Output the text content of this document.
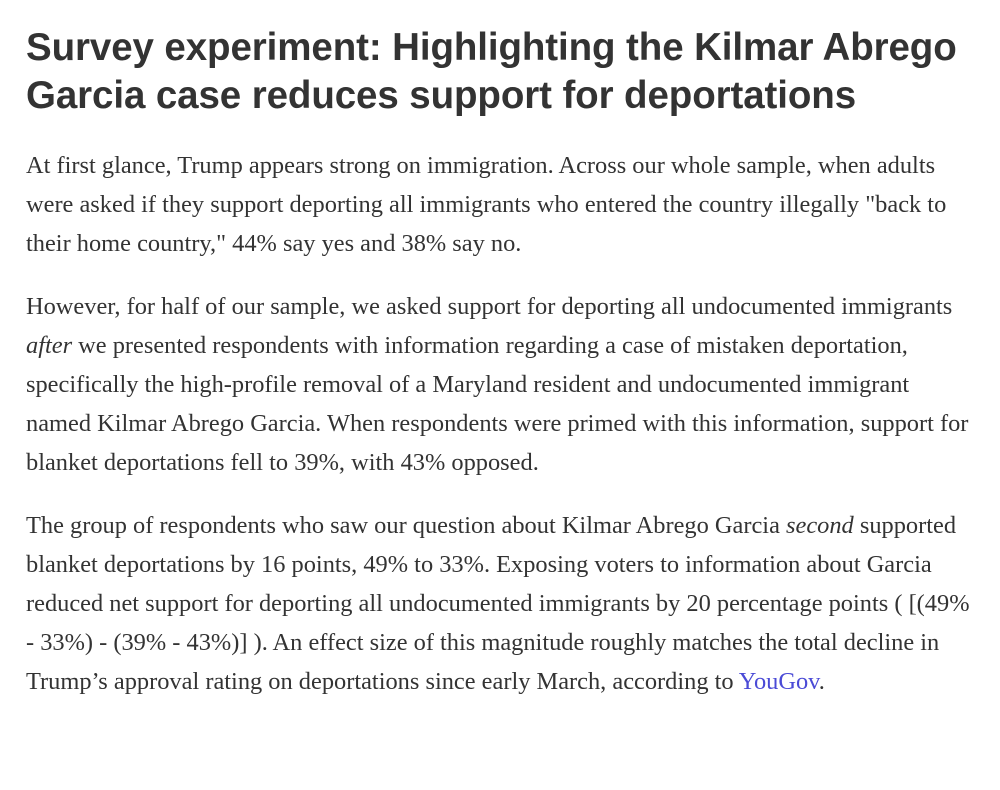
Survey experiment: Highlighting the Kilmar Abrego Garcia case reduces support for deportations

At first glance, Trump appears strong on immigration. Across our whole sample, when adults were asked if they support deporting all immigrants who entered the country illegally "back to their home country," 44% say yes and 38% say no.

However, for half of our sample, we asked support for deporting all undocumented immigrants after we presented respondents with information regarding a case of mistaken deportation, specifically the high-profile removal of a Maryland resident and undocumented immigrant named Kilmar Abrego Garcia. When respondents were primed with this information, support for blanket deportations fell to 39%, with 43% opposed.

The group of respondents who saw our question about Kilmar Abrego Garcia second supported blanket deportations by 16 points, 49% to 33%. Exposing voters to information about Garcia reduced net support for deporting all undocumented immigrants by 20 percentage points ( [(49% - 33%) - (39% - 43%)] ). An effect size of this magnitude roughly matches the total decline in Trump’s approval rating on deportations since early March, according to YouGov.
